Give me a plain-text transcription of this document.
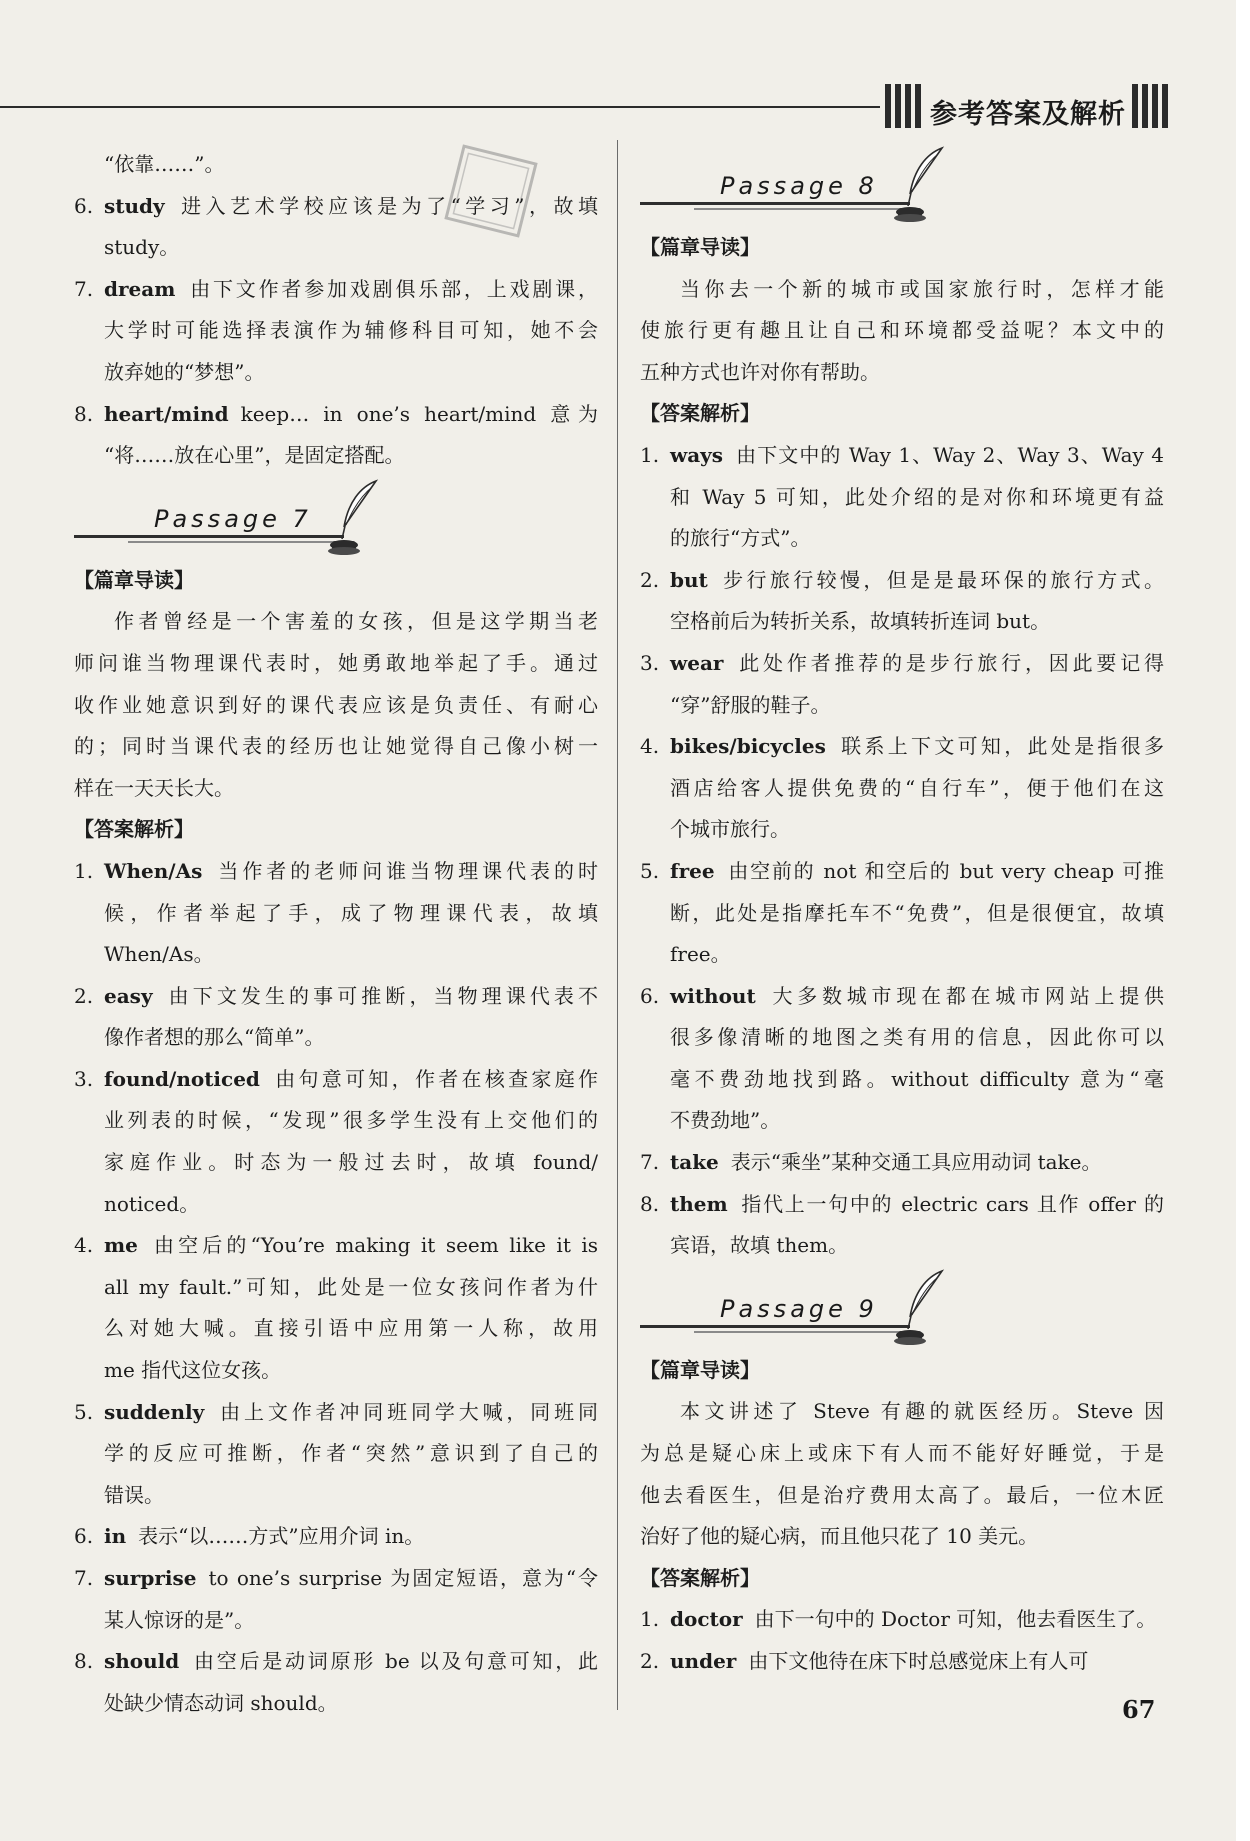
参考答案及解析
“依靠……”。
6. study 进入艺术学校应该是为了“学习”，故填
study。
7. dream 由下文作者参加戏剧俱乐部，上戏剧课，
大学时可能选择表演作为辅修科目可知，她不会
放弃她的“梦想”。
8. heart/mind keep… in one’s heart/mind 意为
“将……放在心里”，是固定搭配。
Passage 7
【篇章导读】
作者曾经是一个害羞的女孩，但是这学期当老
师问谁当物理课代表时，她勇敢地举起了手。通过
收作业她意识到好的课代表应该是负责任、有耐心
的；同时当课代表的经历也让她觉得自己像小树一
样在一天天长大。
【答案解析】
1. When/As 当作者的老师问谁当物理课代表的时
候，作者举起了手，成了物理课代表，故填
When/As。
2. easy 由下文发生的事可推断，当物理课代表不
像作者想的那么“简单”。
3. found/noticed 由句意可知，作者在核查家庭作
业列表的时候，“发现”很多学生没有上交他们的
家庭作业。时态为一般过去时，故填 found/
noticed。
4. me 由空后的“You’re making it seem like it is
all my fault.”可知，此处是一位女孩问作者为什
么对她大喊。直接引语中应用第一人称，故用
me 指代这位女孩。
5. suddenly 由上文作者冲同班同学大喊，同班同
学的反应可推断，作者“突然”意识到了自己的
错误。
6. in 表示“以……方式”应用介词 in。
7. surprise to one’s surprise 为固定短语，意为“令
某人惊讶的是”。
8. should 由空后是动词原形 be 以及句意可知，此
处缺少情态动词 should。
Passage 8
【篇章导读】
当你去一个新的城市或国家旅行时，怎样才能
使旅行更有趣且让自己和环境都受益呢？本文中的
五种方式也许对你有帮助。
【答案解析】
1. ways 由下文中的 Way 1、Way 2、Way 3、Way 4
和 Way 5 可知，此处介绍的是对你和环境更有益
的旅行“方式”。
2. but 步行旅行较慢，但是是最环保的旅行方式。
空格前后为转折关系，故填转折连词 but。
3. wear 此处作者推荐的是步行旅行，因此要记得
“穿”舒服的鞋子。
4. bikes/bicycles 联系上下文可知，此处是指很多
酒店给客人提供免费的“自行车”，便于他们在这
个城市旅行。
5. free 由空前的 not 和空后的 but very cheap 可推
断，此处是指摩托车不“免费”，但是很便宜，故填
free。
6. without 大多数城市现在都在城市网站上提供
很多像清晰的地图之类有用的信息，因此你可以
毫不费劲地找到路。without difficulty 意为“毫
不费劲地”。
7. take 表示“乘坐”某种交通工具应用动词 take。
8. them 指代上一句中的 electric cars 且作 offer 的
宾语，故填 them。
Passage 9
【篇章导读】
本文讲述了 Steve 有趣的就医经历。Steve 因
为总是疑心床上或床下有人而不能好好睡觉，于是
他去看医生，但是治疗费用太高了。最后，一位木匠
治好了他的疑心病，而且他只花了 10 美元。
【答案解析】
1. doctor 由下一句中的 Doctor 可知，他去看医生了。
2. under 由下文他待在床下时总感觉床上有人可
67
